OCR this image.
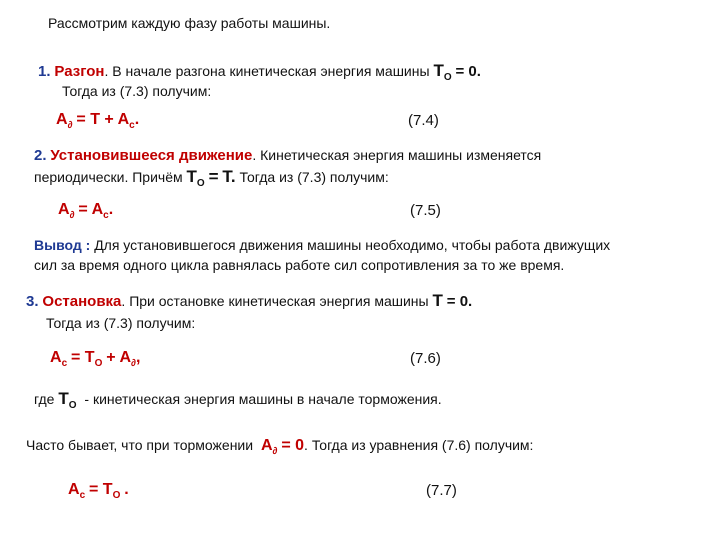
Рассмотрим каждую фазу работы машины.
1. Разгон. В начале разгона кинетическая энергия машины $T_O = 0$.
Тогда из (7.3) получим:
$A_\partial = T + A_c$.	(7.4)
2. Установившееся движение. Кинетическая энергия машины изменяется
периодически. Причём $T_O = T$. Тогда из (7.3) получим:
$A_\partial = A_c$.	(7.5)
Вывод : Для установившегося движения машины необходимо, чтобы работа движущих
сил за время одного цикла равнялась работе сил сопротивления за то же время.
3. Остановка. При остановке кинетическая энергия машины T = 0.
Тогда из (7.3) получим:
$A_c = T_O + A_\partial$,	(7.6)
где $T_O$ - кинетическая энергия машины в начале торможения.
Часто бывает, что при торможении $A_\partial = 0$. Тогда из уравнения (7.6) получим:
$A_c = T_O$ .	(7.7)
